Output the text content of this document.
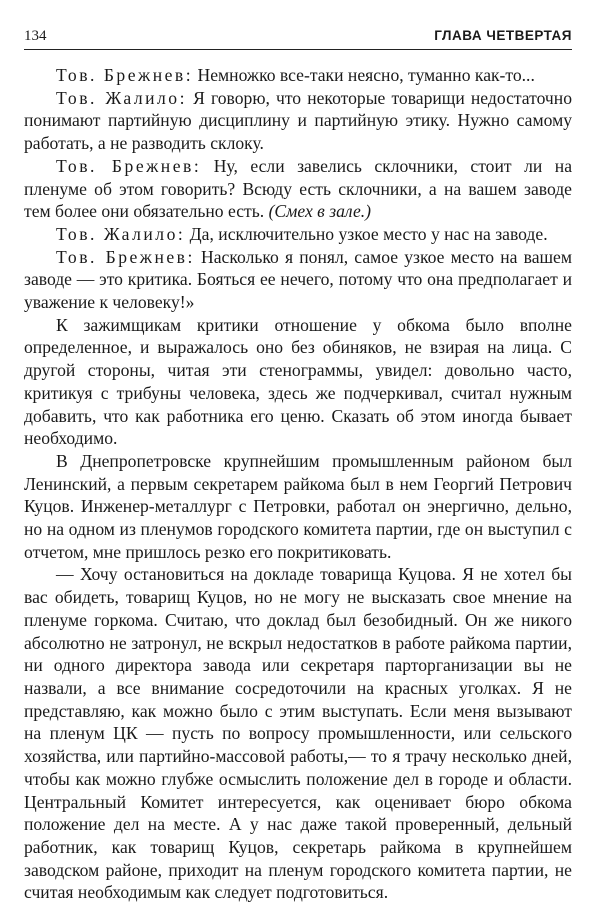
134	ГЛАВА ЧЕТВЕРТАЯ

Тов. Брежнев: Немножко все-таки неясно, туманно как-то...

Тов. Жалило: Я говорю, что некоторые товарищи недостаточно понимают партийную дисциплину и партийную этику. Нужно самому работать, а не разводить склоку.

Тов. Брежнев: Ну, если завелись склочники, стоит ли на пленуме об этом говорить? Всюду есть склочники, а на вашем заводе тем более они обязательно есть. (Смех в зале.)

Тов. Жалило: Да, исключительно узкое место у нас на заводе.

Тов. Брежнев: Насколько я понял, самое узкое место на вашем заводе — это критика. Бояться ее нечего, потому что она предполагает и уважение к человеку!»

К зажимщикам критики отношение у обкома было вполне определенное, и выражалось оно без обиняков, не взирая на лица. С другой стороны, читая эти стенограммы, увидел: довольно часто, критикуя с трибуны человека, здесь же подчеркивал, считал нужным добавить, что как работника его ценю. Сказать об этом иногда бывает необходимо.

В Днепропетровске крупнейшим промышленным районом был Ленинский, а первым секретарем райкома был в нем Георгий Петрович Куцов. Инженер-металлург с Петровки, работал он энергично, дельно, но на одном из пленумов городского комитета партии, где он выступил с отчетом, мне пришлось резко его покритиковать.

— Хочу остановиться на докладе товарища Куцова. Я не хотел бы вас обидеть, товарищ Куцов, но не могу не высказать свое мнение на пленуме горкома. Считаю, что доклад был безобидный. Он же никого абсолютно не затронул, не вскрыл недостатков в работе райкома партии, ни одного директора завода или секретаря парторганизации вы не назвали, а все внимание сосредоточили на красных уголках. Я не представляю, как можно было с этим выступать. Если меня вызывают на пленум ЦК — пусть по вопросу промышленности, или сельского хозяйства, или партийно-массовой работы,— то я трачу несколько дней, чтобы как можно глубже осмыслить положение дел в городе и области. Центральный Комитет интересуется, как оценивает бюро обкома положение дел на месте. А у нас даже такой проверенный, дельный работник, как товарищ Куцов, секретарь райкома в крупнейшем заводском районе, приходит на пленум городского комитета партии, не считая необходимым как следует подготовиться.
